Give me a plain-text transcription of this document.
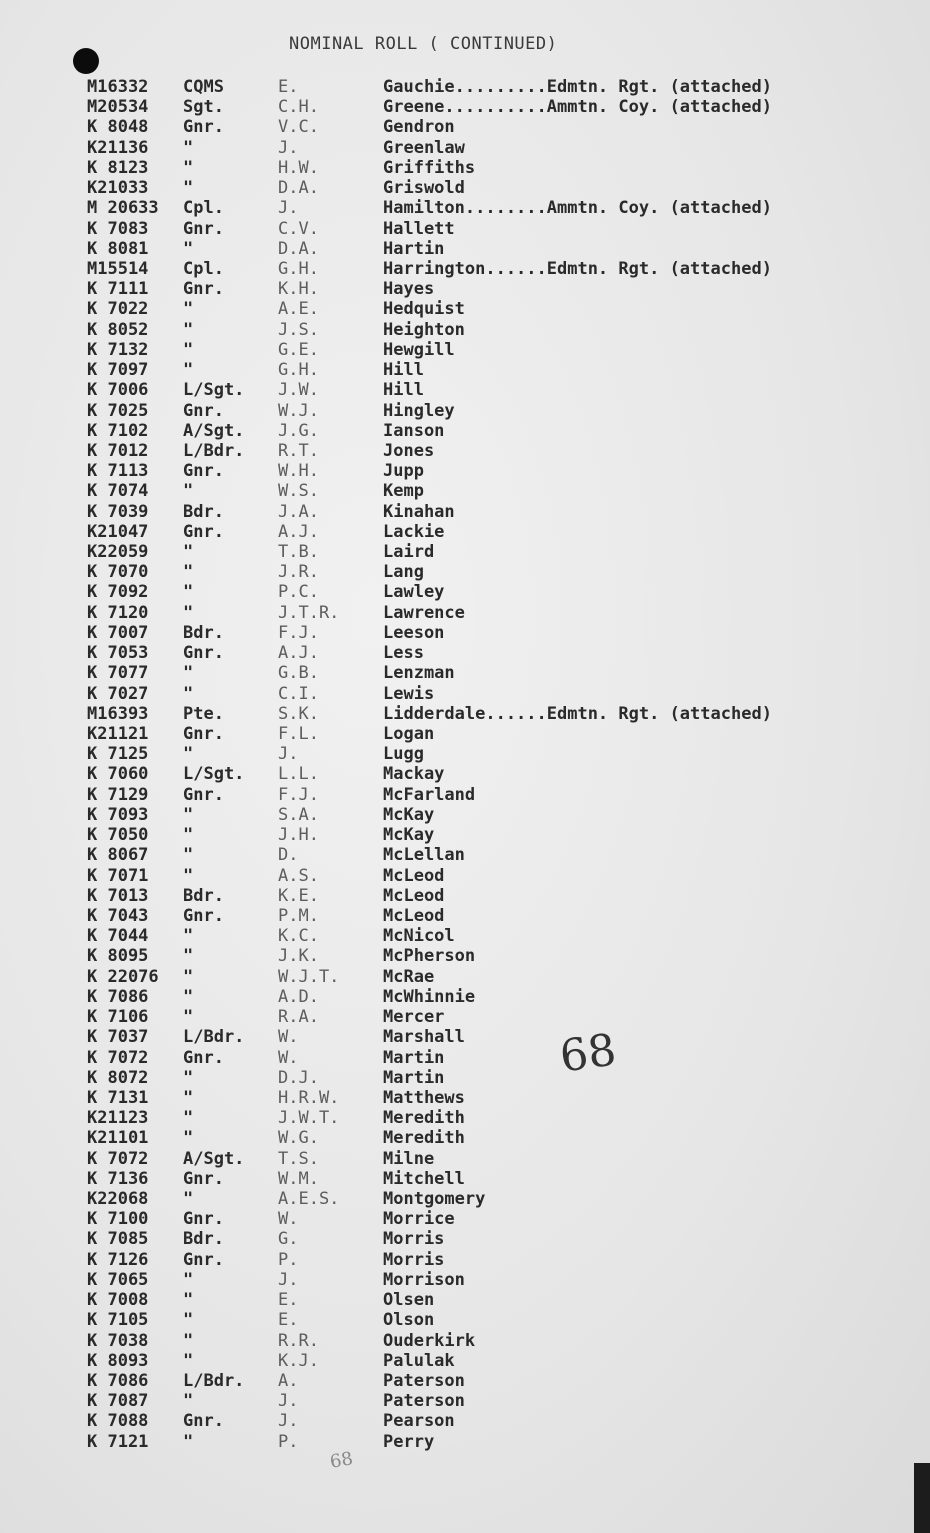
NOMINAL ROLL ( CONTINUED)
M16332 CQMS	E.	Gauchie.........Edmtn. Rgt. (attached)
M20534 Sgt.	C.H.	Greene..........Ammtn. Coy. (attached)
K 8048 Gnr.	V.C.	Gendron
K21136 "	J.	Greenlaw
K 8123 "	H.W.	Griffiths
K21033 "	D.A.	Griswold
M 20633 Cpl.	J.	Hamilton........Ammtn. Coy. (attached)
K 7083 Gnr.	C.V.	Hallett
K 8081 "	D.A.	Hartin
M15514 Cpl.	G.H.	Harrington......Edmtn. Rgt. (attached)
K 7111 Gnr.	K.H.	Hayes
K 7022 "	A.E.	Hedquist
K 8052 "	J.S.	Heighton
K 7132 "	G.E.	Hewgill
K 7097 "	G.H.	Hill
K 7006 L/Sgt. J.W.	Hill
K 7025 Gnr.	W.J.	Hingley
K 7102 A/Sgt. J.G.	Ianson
K 7012 L/Bdr. R.T.	Jones
K 7113 Gnr.	W.H.	Jupp
K 7074 "	W.S.	Kemp
K 7039 Bdr.	J.A.	Kinahan
K21047 Gnr.	A.J.	Lackie
K22059 "	T.B.	Laird
K 7070 "	J.R.	Lang
K 7092 "	P.C.	Lawley
K 7120 "	J.T.R.	Lawrence
K 7007 Bdr.	F.J.	Leeson
K 7053 Gnr.	A.J.	Less
K 7077 "	G.B.	Lenzman
K 7027 "	C.I.	Lewis
M16393 Pte.	S.K.	Lidderdale......Edmtn. Rgt. (attached)
K21121 Gnr.	F.L.	Logan
K 7125 "	J.	Lugg
K 7060 L/Sgt. L.L.	Mackay
K 7129 Gnr.	F.J.	McFarland
K 7093 "	S.A.	McKay
K 7050 "	J.H.	McKay
K 8067 "	D.	McLellan
K 7071 "	A.S.	McLeod
K 7013 Bdr.	K.E.	McLeod
K 7043 Gnr.	P.M.	McLeod
K 7044 "	K.C.	McNicol
K 8095 "	J.K.	McPherson
K 22076 "	W.J.T.	McRae
K 7086 "	A.D.	McWhinnie
K 7106 "	R.A.	Mercer
K 7037 L/Bdr. W.	Marshall
K 7072 Gnr.	W.	Martin
K 8072 "	D.J.	Martin
K 7131 "	H.R.W.	Matthews
K21123 "	J.W.T.	Meredith
K21101 "	W.G.	Meredith
K 7072 A/Sgt. T.S.	Milne
K 7136 Gnr.	W.M.	Mitchell
K22068 "	A.E.S.	Montgomery
K 7100 Gnr.	W.	Morrice
K 7085 Bdr.	G.	Morris
K 7126 Gnr.	P.	Morris
K 7065 "	J.	Morrison
K 7008 "	E.	Olsen
K 7105 "	E.	Olson
K 7038 "	R.R.	Ouderkirk
K 8093 "	K.J.	Palulak
K 7086 L/Bdr. A.	Paterson
K 7087 "	J.	Paterson
K 7088 Gnr.	J.	Pearson
K 7121 "	P.	Perry
68
68
